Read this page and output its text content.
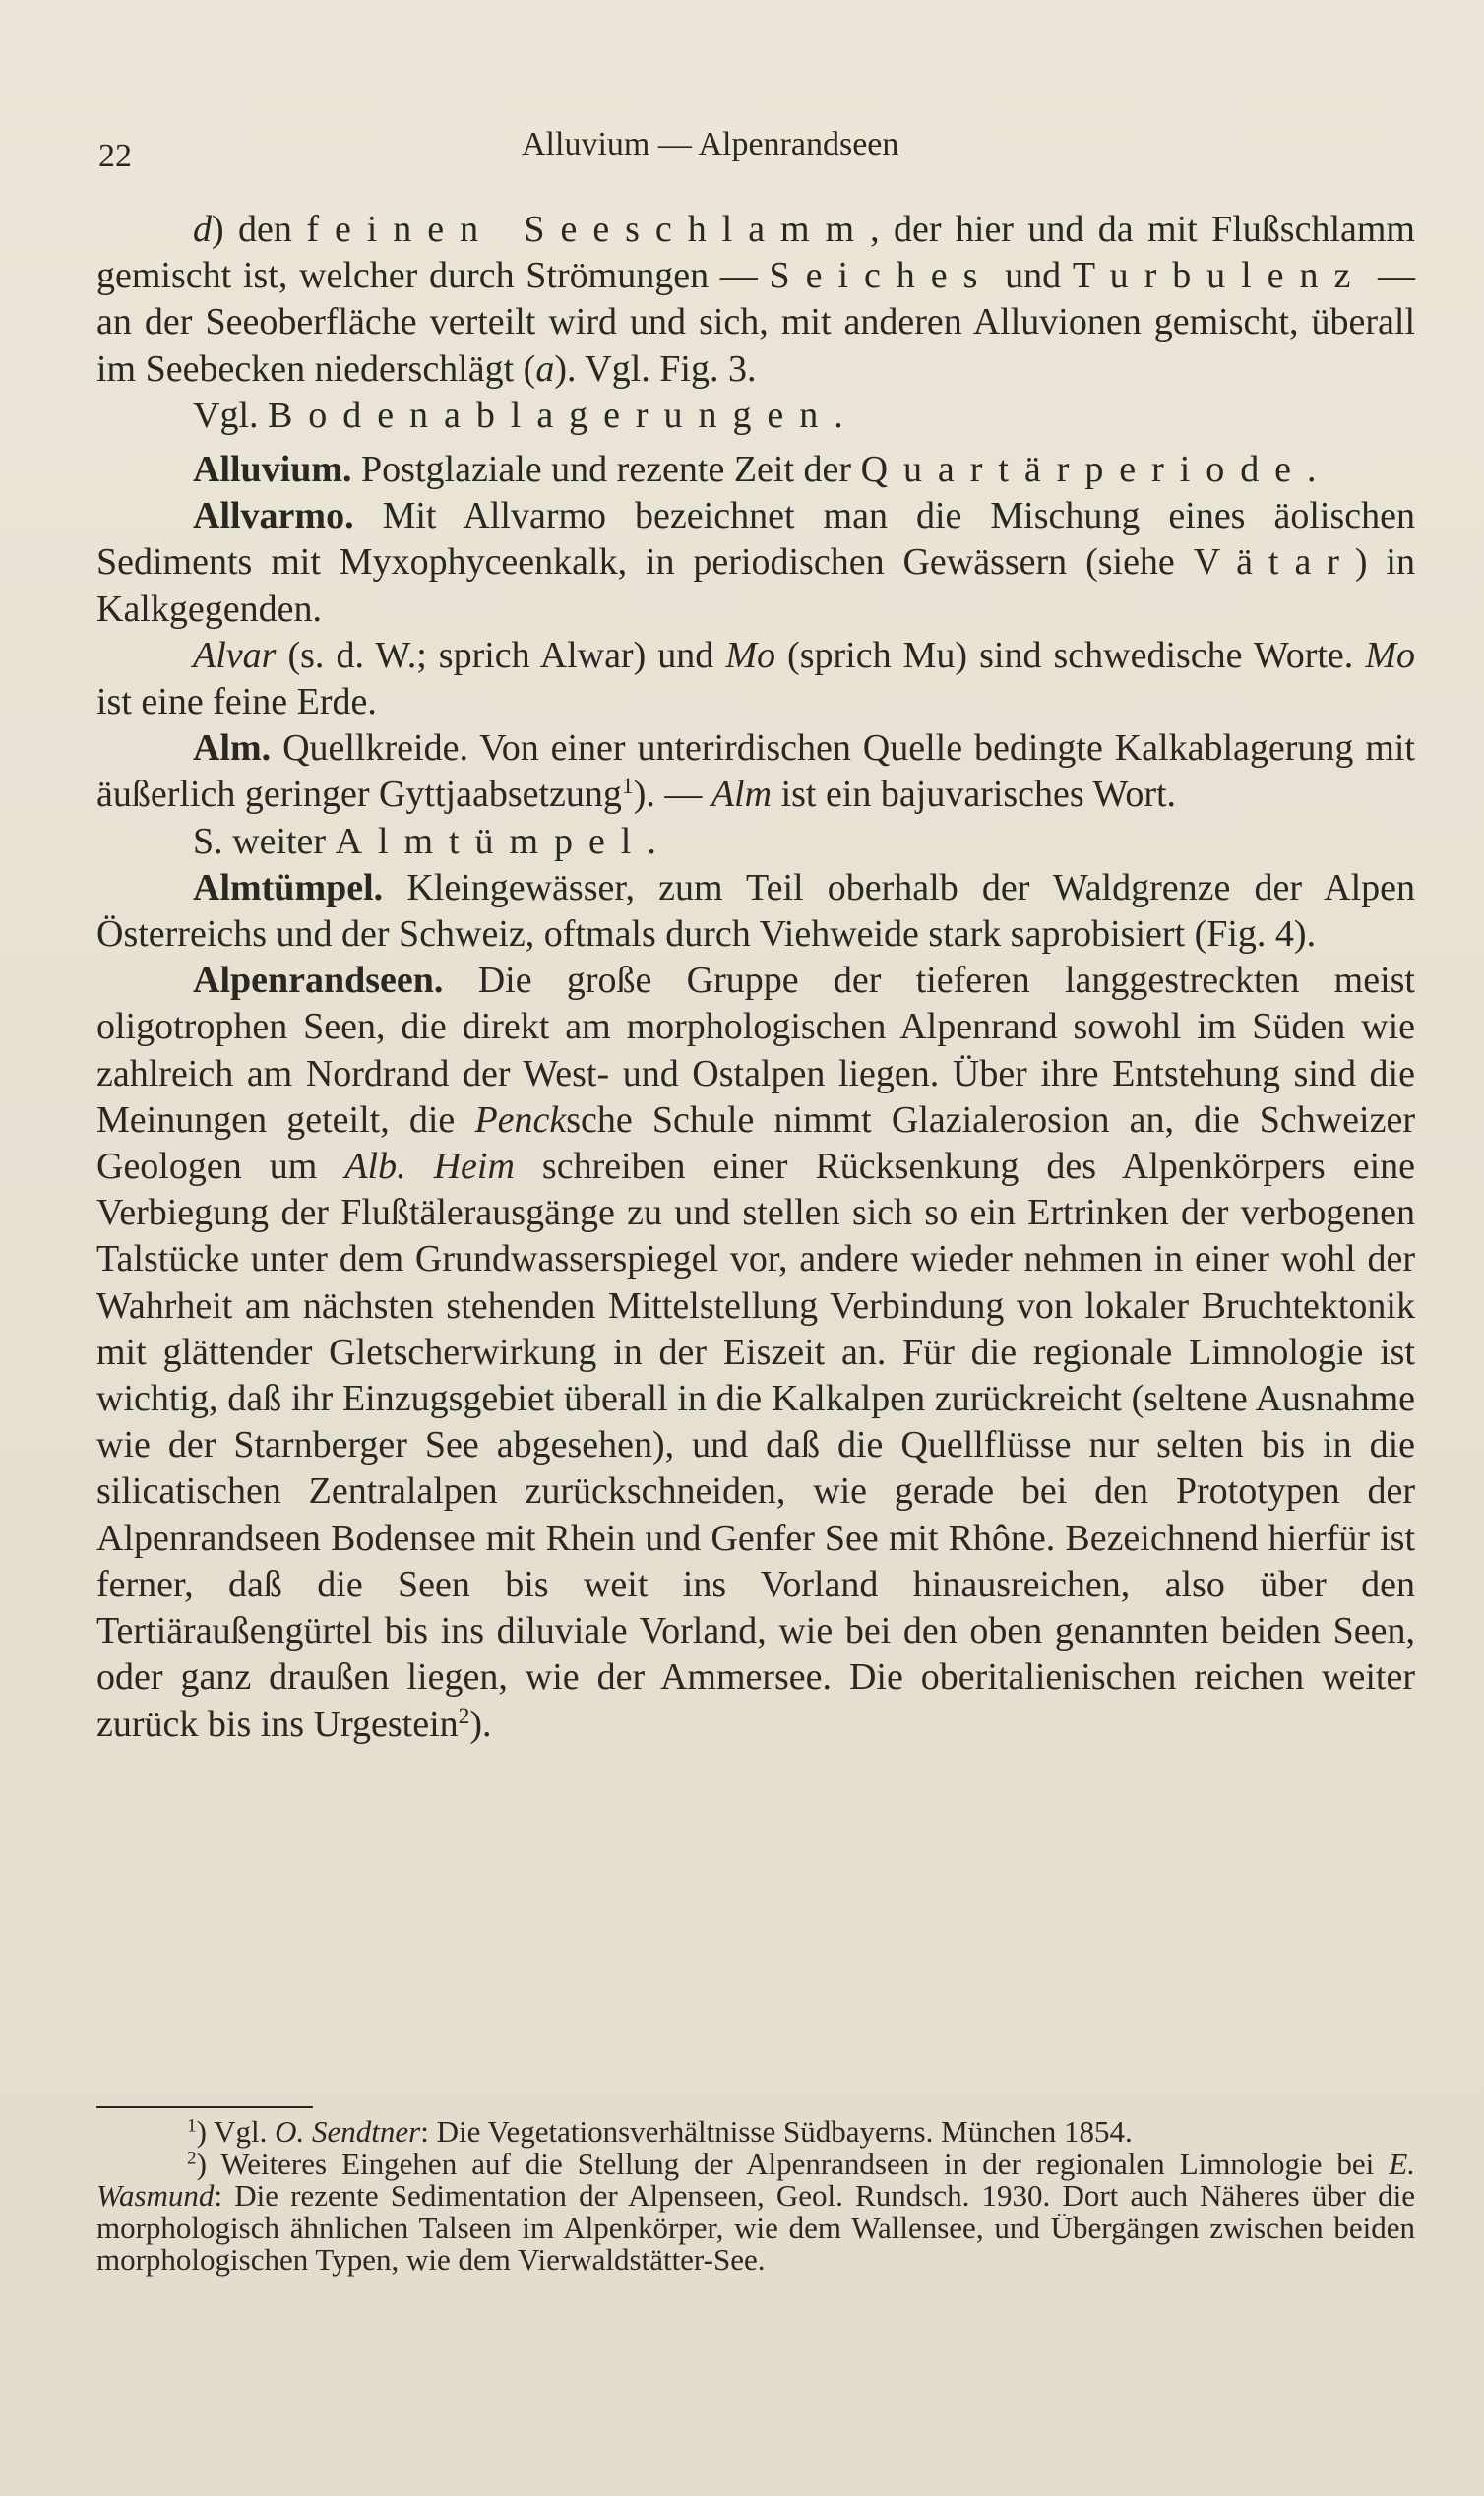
22	Alluvium — Alpenrandseen

d) den feinen Seeschlamm, der hier und da mit Flußschlamm gemischt ist, welcher durch Strömungen — Seiches und Turbulenz — an der Seeoberfläche verteilt wird und sich, mit anderen Alluvionen gemischt, überall im Seebecken niederschlägt (a). Vgl. Fig. 3.

Vgl. Bodenablagerungen.

Alluvium. Postglaziale und rezente Zeit der Quartärperiode.

Allvarmo. Mit Allvarmo bezeichnet man die Mischung eines äolischen Sediments mit Myxophyceenkalk, in periodischen Gewässern (siehe Vätar) in Kalkgegenden.

Alvar (s. d. W.; sprich Alwar) und Mo (sprich Mu) sind schwedische Worte. Mo ist eine feine Erde.

Alm. Quellkreide. Von einer unterirdischen Quelle bedingte Kalkablagerung mit äußerlich geringer Gyttjaabsetzung$^1$). — Alm ist ein bajuvarisches Wort.

S. weiter Almtümpel.

Almtümpel. Kleingewässer, zum Teil oberhalb der Waldgrenze der Alpen Österreichs und der Schweiz, oftmals durch Viehweide stark saprobisiert (Fig. 4).

Alpenrandseen. Die große Gruppe der tieferen langgestreckten meist oligotrophen Seen, die direkt am morphologischen Alpenrand sowohl im Süden wie zahlreich am Nordrand der West- und Ostalpen liegen. Über ihre Entstehung sind die Meinungen geteilt, die Pencksche Schule nimmt Glazialerosion an, die Schweizer Geologen um Alb. Heim schreiben einer Rücksenkung des Alpenkörpers eine Verbiegung der Flußtälerausgänge zu und stellen sich so ein Ertrinken der verbogenen Talstücke unter dem Grundwasserspiegel vor, andere wieder nehmen in einer wohl der Wahrheit am nächsten stehenden Mittelstellung Verbindung von lokaler Bruchtektonik mit glättender Gletscherwirkung in der Eiszeit an. Für die regionale Limnologie ist wichtig, daß ihr Einzugsgebiet überall in die Kalkalpen zurückreicht (seltene Ausnahme wie der Starnberger See abgesehen), und daß die Quellflüsse nur selten bis in die silicatischen Zentralalpen zurückschneiden, wie gerade bei den Prototypen der Alpenrandseen Bodensee mit Rhein und Genfer See mit Rhône. Bezeichnend hierfür ist ferner, daß die Seen bis weit ins Vorland hinausreichen, also über den Tertiäraußengürtel bis ins diluviale Vorland, wie bei den oben genannten beiden Seen, oder ganz draußen liegen, wie der Ammersee. Die oberitalienischen reichen weiter zurück bis ins Urgestein$^2$).

$^1$) Vgl. O. Sendtner: Die Vegetationsverhältnisse Südbayerns. München 1854.

$^2$) Weiteres Eingehen auf die Stellung der Alpenrandseen in der regionalen Limnologie bei E. Wasmund: Die rezente Sedimentation der Alpenseen, Geol. Rundsch. 1930. Dort auch Näheres über die morphologisch ähnlichen Talseen im Alpenkörper, wie dem Wallensee, und Übergängen zwischen beiden morphologischen Typen, wie dem Vierwaldstätter-See.
